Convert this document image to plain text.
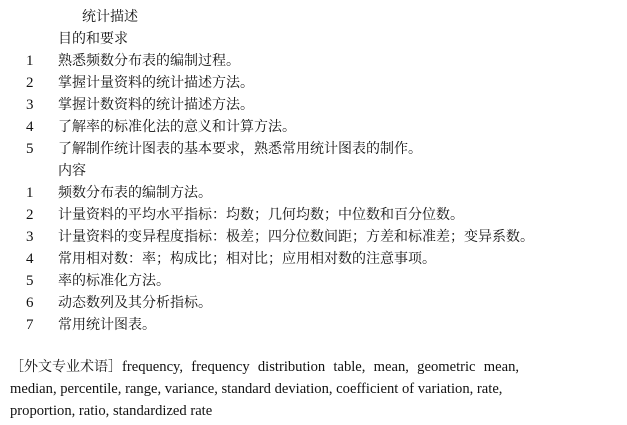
统计描述
目的和要求
1	熟悉频数分布表的编制过程。
2	掌握计量资料的统计描述方法。
3	掌握计数资料的统计描述方法。
4	了解率的标准化法的意义和计算方法。
5	了解制作统计图表的基本要求，熟悉常用统计图表的制作。
内容
1	频数分布表的编制方法。
2	计量资料的平均水平指标：均数；几何均数；中位数和百分位数。
3	计量资料的变异程度指标：极差；四分位数间距；方差和标准差；变异系数。
4	常用相对数：率；构成比；相对比；应用相对数的注意事项。
5	率的标准化方法。
6	动态数列及其分析指标。
7	常用统计图表。
［外文专业术语］frequency, frequency distribution table, mean, geometric mean,
median, percentile, range, variance, standard deviation, coefficient of variation, rate,
proportion, ratio, standardized rate
